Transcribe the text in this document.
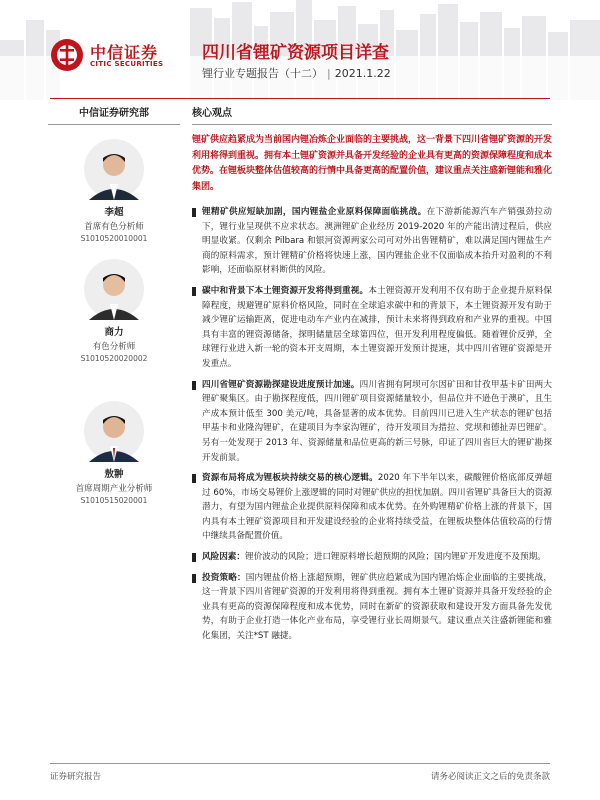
中信证券
CITIC SECURITIES
四川省锂矿资源项目详查
锂行业专题报告（十二） | 2021.1.22
中信证券研究部
李超
首席有色分析师
S1010520010001
商力
有色分析师
S1010520020002
敖翀
首席周期产业分析师
S1010515020001
核心观点
锂矿供应趋紧成为当前国内锂冶炼企业面临的主要挑战，这一背景下四川省锂矿资源的开发利用将得到重视。拥有本土锂矿资源并具备开发经验的企业具有更高的资源保障程度和成本优势。在锂板块整体估值较高的行情中具备更高的配置价值，建议重点关注盛新锂能和雅化集团。
锂精矿供应短缺加剧，国内锂盐企业原料保障面临挑战。在下游新能源汽车产销强劲拉动下，锂行业呈现供不应求状态。澳洲锂矿企业经历 2019-2020 年的产能出清过程后，供应明显收紧。仅剩余 Pilbara 和银河资源两家公司可对外出售锂精矿，难以满足国内锂盐生产商的原料需求，预计锂精矿价格将快速上涨，国内锂盐企业不仅面临成本抬升对盈利的不利影响，还面临原材料断供的风险。
碳中和背景下本土锂资源开发将得到重视。本土锂资源开发利用不仅有助于企业提升原料保障程度，规避锂矿原料价格风险，同时在全球追求碳中和的背景下，本土锂资源开发有助于减少锂矿运输距离，促进电动车产业内在减排，预计未来将得到政府和产业界的重视。中国具有丰富的锂资源储备，探明储量居全球第四位，但开发利用程度偏低。随着锂价反弹，全球锂行业进入新一轮的资本开支周期，本土锂资源开发预计提速，其中四川省锂矿资源是开发重点。
四川省锂矿资源勘探建设进度预计加速。四川省拥有阿坝可尔因矿田和甘孜甲基卡矿田两大锂矿聚集区。由于勘探程度低，四川锂矿项目资源储量较小，但品位并不逊色于澳矿，且生产成本预计低至 300 美元/吨，具备显著的成本优势。目前四川已进入生产状态的锂矿包括甲基卡和业隆沟锂矿，在建项目为李家沟锂矿，待开发项目为措拉、党坝和德扯弄巴锂矿。另有一处发现于 2013 年、资源储量和品位更高的新三号脉，印证了四川省巨大的锂矿勘探开发前景。
资源布局将成为锂板块持续交易的核心逻辑。2020 年下半年以来，碳酸锂价格底部反弹超过 60%，市场交易锂价上涨逻辑的同时对锂矿供应的担忧加剧。四川省锂矿具备巨大的资源潜力，有望为国内锂盐企业提供原料保障和成本优势。在外购锂精矿价格上涨的背景下，国内具有本土锂矿资源项目和开发建设经验的企业将持续受益，在锂板块整体估值较高的行情中继续具备配置价值。
风险因素：锂价波动的风险；进口锂原料增长超预期的风险；国内锂矿开发进度不及预期。
投资策略：国内锂盐价格上涨超预期，锂矿供应趋紧成为国内锂冶炼企业面临的主要挑战，这一背景下四川省锂矿资源的开发利用将得到重视。拥有本土锂矿资源并具备开发经验的企业具有更高的资源保障程度和成本优势，同时在新矿的资源获取和建设开发方面具备先发优势，有助于企业打造一体化产业布局，享受锂行业长周期景气。建议重点关注盛新锂能和雅化集团，关注*ST 融捷。
证券研究报告	请务必阅读正文之后的免责条款
